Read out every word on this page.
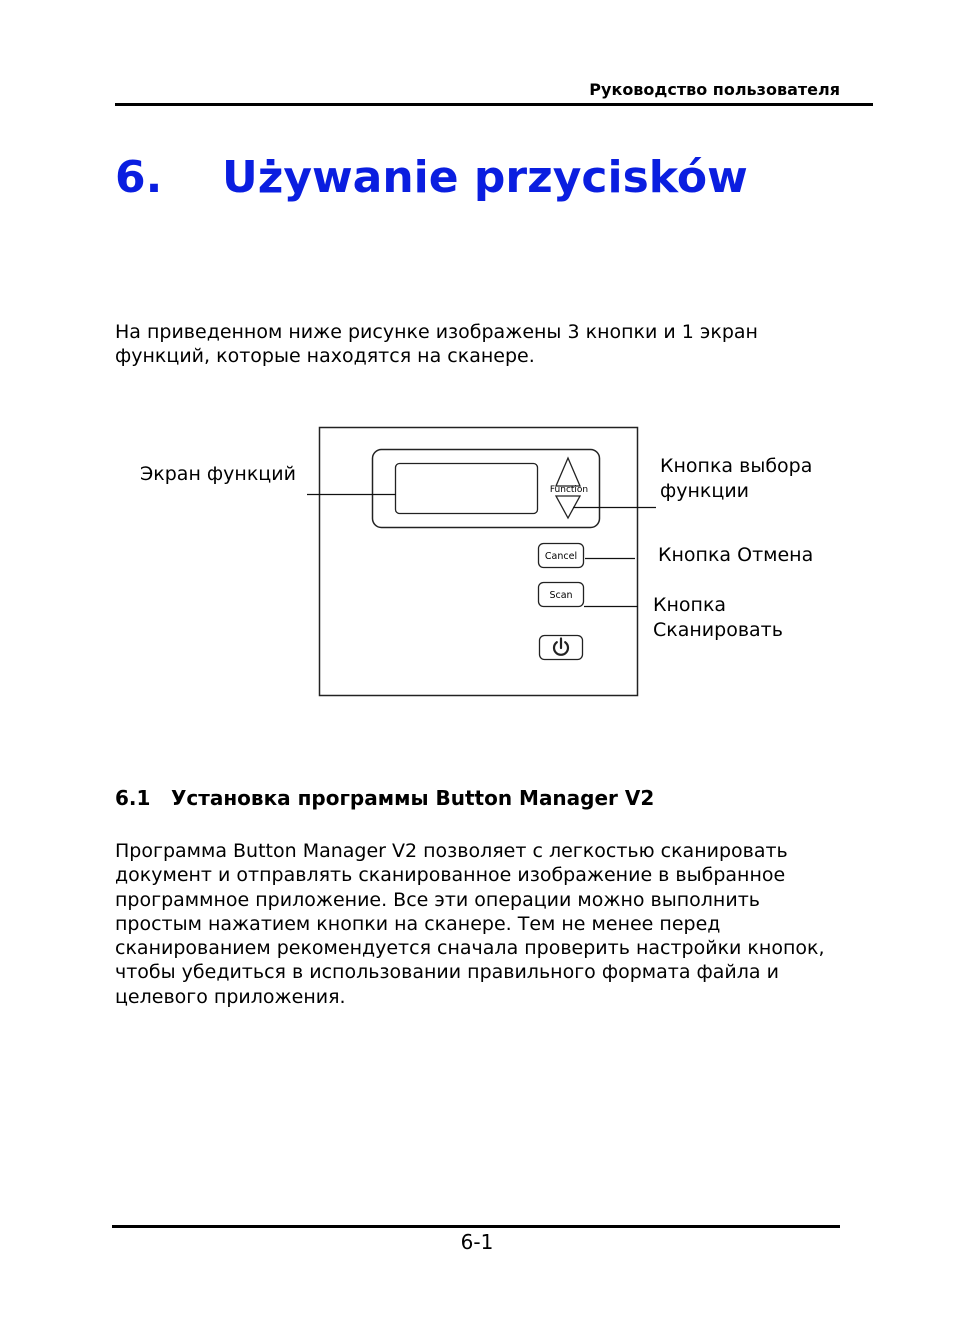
Руководство пользователя
6. Używanie przycisków
На приведенном ниже рисунке изображены 3 кнопки и 1 экран функций, которые находятся на сканере.
Function
Cancel
Scan
Экран функций	Кнопка выбора
функции
Кнопка Отмена
Кнопка
Сканировать
6.1 Установка программы Button Manager V2
Программа Button Manager V2 позволяет с легкостью сканировать документ и отправлять сканированное изображение в выбранное программное приложение. Все эти операции можно выполнить простым нажатием кнопки на сканере. Тем не менее перед сканированием рекомендуется сначала проверить настройки кнопок, чтобы убедиться в использовании правильного формата файла и целевого приложения.
6-1
